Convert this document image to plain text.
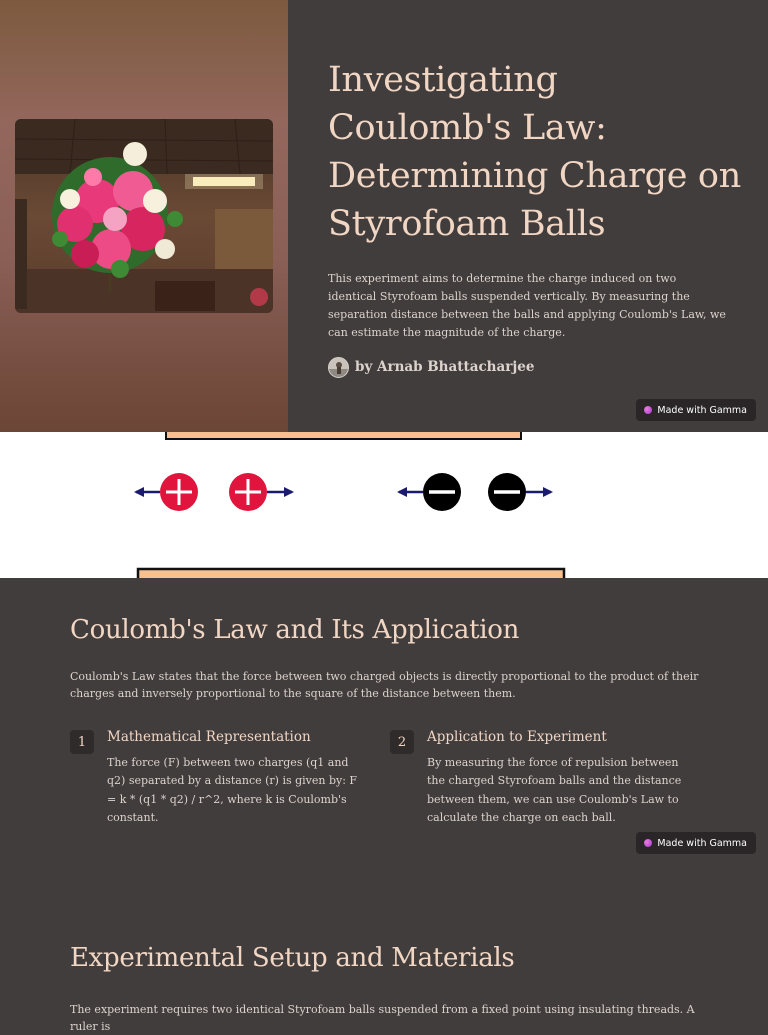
Investigating Coulomb's Law: Determining Charge on Styrofoam Balls

This experiment aims to determine the charge induced on two identical Styrofoam balls suspended vertically. By measuring the separation distance between the balls and applying Coulomb's Law, we can estimate the magnitude of the charge.

by Arnab Bhattacharjee
Made with Gamma
Coulomb's Law and Its Application

Coulomb's Law states that the force between two charged objects is directly proportional to the product of their charges and inversely proportional to the square of the distance between them.

1	Mathematical Representation

The force (F) between two charges (q1 and q2) separated by a distance (r) is given by: F = k * (q1 * q2) / r^2, where k is Coulomb's constant.

2	Application to Experiment

By measuring the force of repulsion between the charged Styrofoam balls and the distance between them, we can use Coulomb's Law to calculate the charge on each ball.

Made with Gamma
Experimental Setup and Materials

The experiment requires two identical Styrofoam balls suspended from a fixed point using insulating threads. A ruler is
